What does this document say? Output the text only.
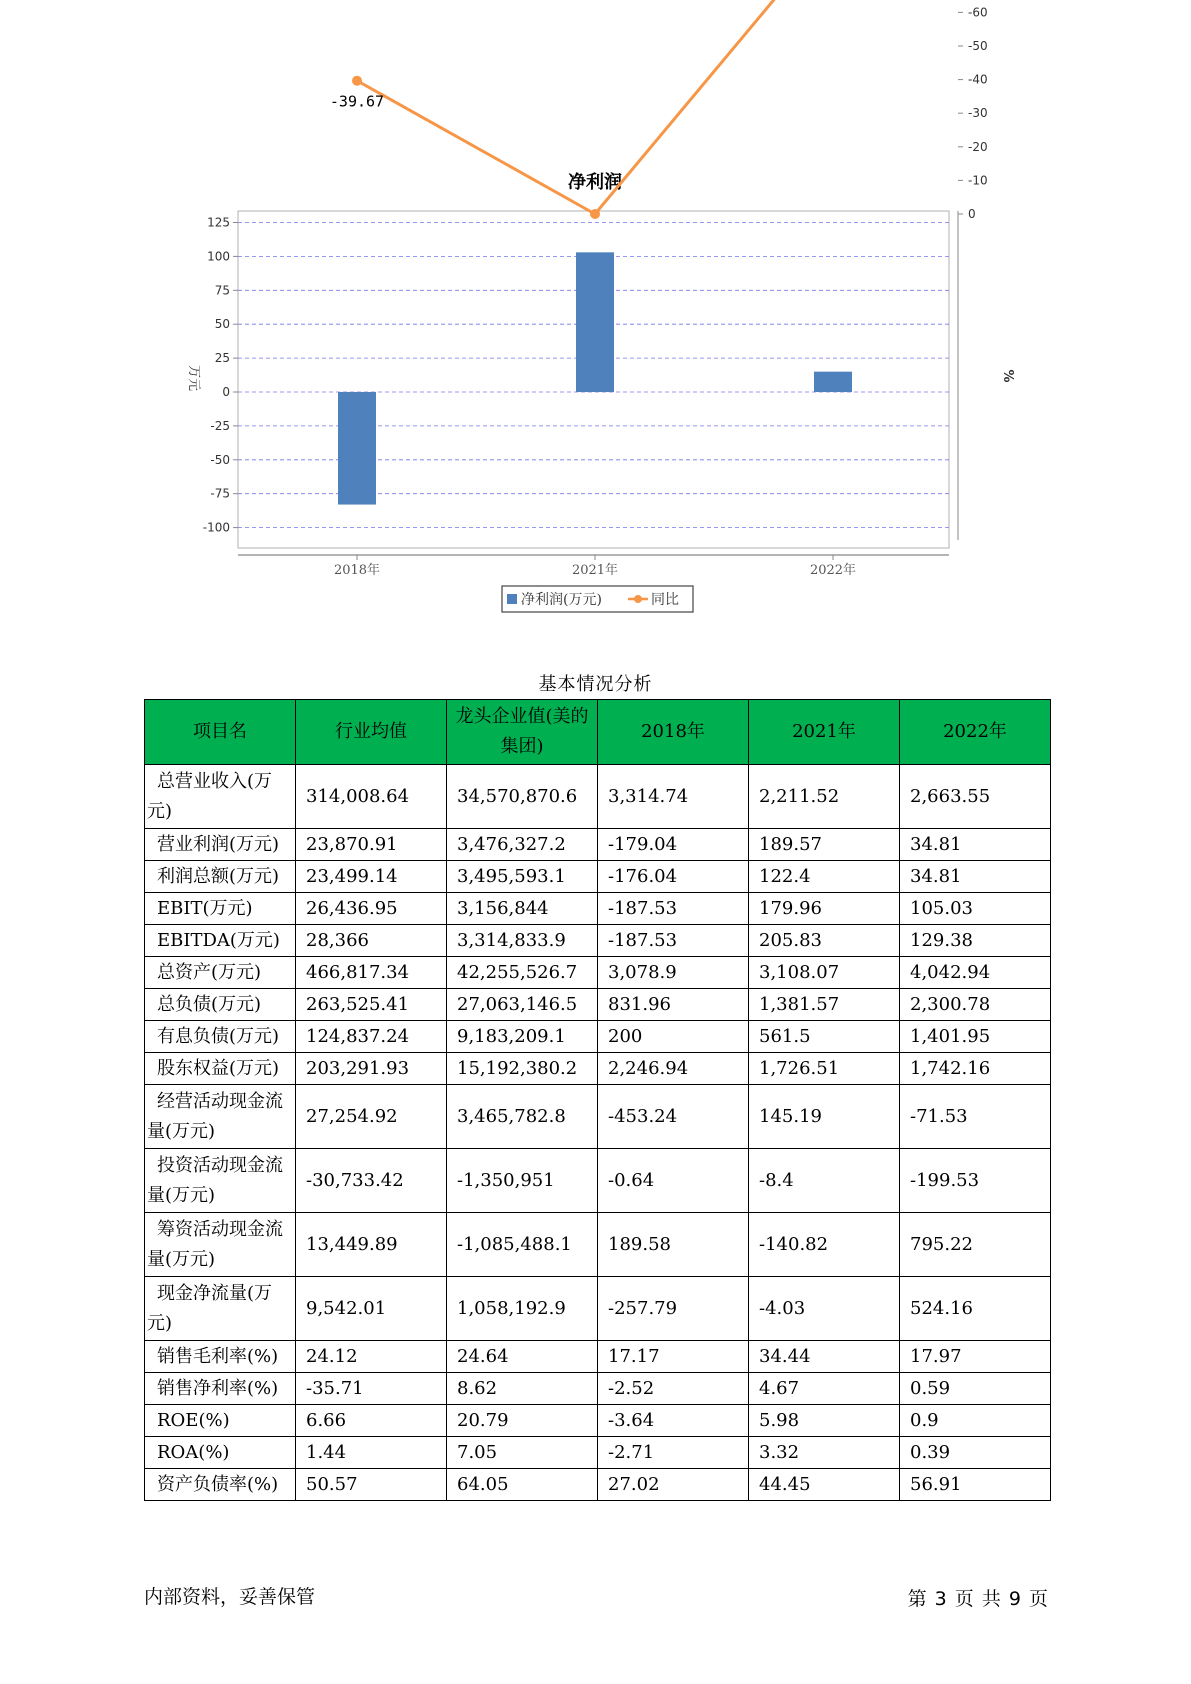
净利润
125
100
75
50
25
0
-25
-50
-75
-100
万元
0
-10
-20
-30
-40
-50
-60
%
2018年	2021年	2022年
-39.67
净利润(万元)	同比
基本情况分析
项目名	行业均值	龙头企业值(美的集团)	2018年	2021年	2022年
总营业收入(万元)	314,008.64	34,570,870.6	3,314.74	2,211.52	2,663.55
营业利润(万元)	23,870.91	3,476,327.2	-179.04	189.57	34.81
利润总额(万元)	23,499.14	3,495,593.1	-176.04	122.4	34.81
EBIT(万元)	26,436.95	3,156,844	-187.53	179.96	105.03
EBITDA(万元)	28,366	3,314,833.9	-187.53	205.83	129.38
总资产(万元)	466,817.34	42,255,526.7	3,078.9	3,108.07	4,042.94
总负债(万元)	263,525.41	27,063,146.5	831.96	1,381.57	2,300.78
有息负债(万元)	124,837.24	9,183,209.1	200	561.5	1,401.95
股东权益(万元)	203,291.93	15,192,380.2	2,246.94	1,726.51	1,742.16
经营活动现金流量(万元)	27,254.92	3,465,782.8	-453.24	145.19	-71.53
投资活动现金流量(万元)	-30,733.42	-1,350,951	-0.64	-8.4	-199.53
筹资活动现金流量(万元)	13,449.89	-1,085,488.1	189.58	-140.82	795.22
现金净流量(万元)	9,542.01	1,058,192.9	-257.79	-4.03	524.16
销售毛利率(%)	24.12	24.64	17.17	34.44	17.97
销售净利率(%)	-35.71	8.62	-2.52	4.67	0.59
ROE(%)	6.66	20.79	-3.64	5.98	0.9
ROA(%)	1.44	7.05	-2.71	3.32	0.39
资产负债率(%)	50.57	64.05	27.02	44.45	56.91
内部资料，妥善保管	第 3 页 共 9 页
